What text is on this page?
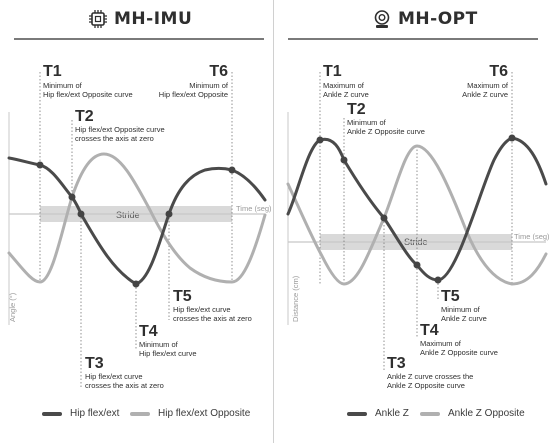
MH-IMU	MH-OPT
Stride
Time (seg)
Angle (°)
T1
Minimum of
Hip flex/ext Opposite curve
T2
Hip flex/ext Opposite curve
crosses the axis at zero
T3
Hip flex/ext curve
crosses the axis at zero
T4
Minimum of
Hip flex/ext curve
T5
Hip flex/ext curve
crosses the axis at zero
T6
Minimum of
Hip flex/ext Opposite
Stride
Time (seg)
Distance (cm)
T1
Maximum of
Ankle Z curve
T2
Minimum of
Ankle Z Opposite curve
T3
Ankle Z curve crosses the
Ankle Z Opposite curve
T4
Maximum of
Ankle Z Opposite curve
T5
Minimum of
Ankle Z curve
T6
Maximum of
Ankle Z curve
Hip flex/ext	Hip flex/ext Opposite	Ankle Z	Ankle Z Opposite
